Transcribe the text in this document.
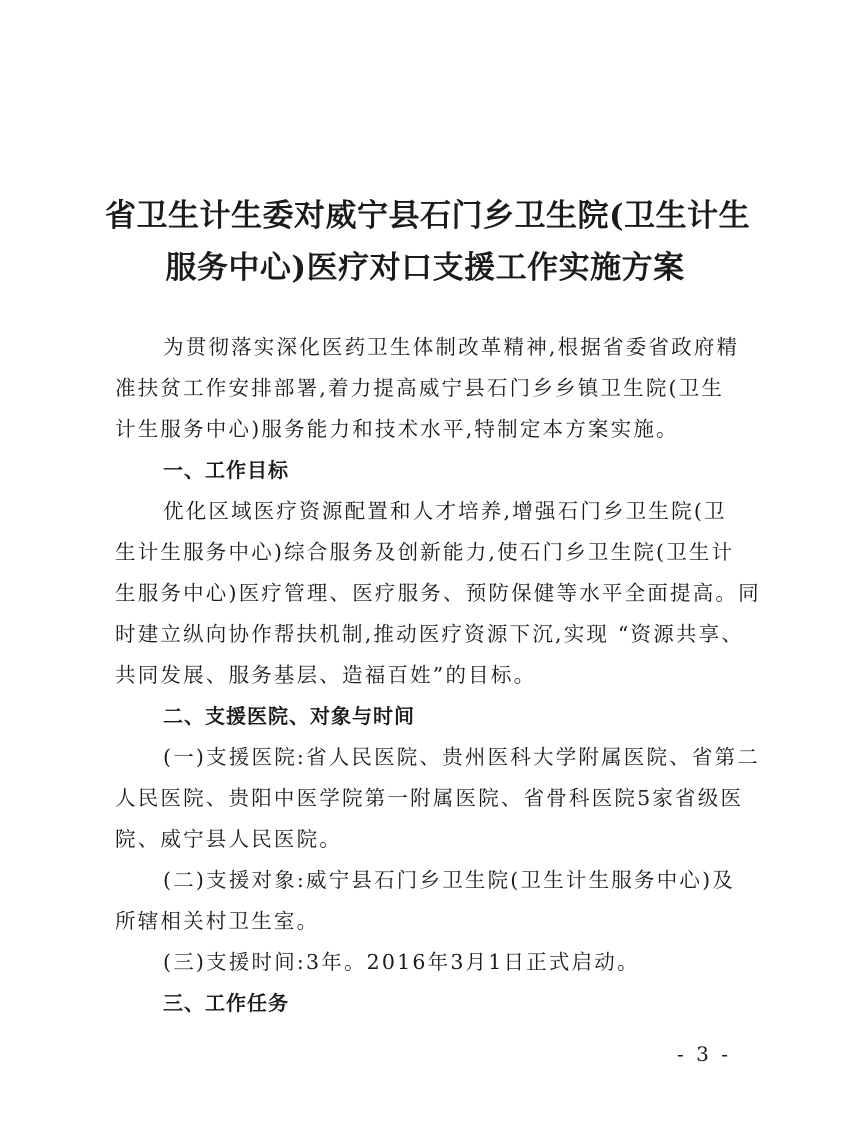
省卫生计生委对威宁县石门乡卫生院(卫生计生
服务中心)医疗对口支援工作实施方案
为贯彻落实深化医药卫生体制改革精神,根据省委省政府精
准扶贫工作安排部署,着力提高威宁县石门乡乡镇卫生院(卫生
计生服务中心)服务能力和技术水平,特制定本方案实施。
一、工作目标
优化区域医疗资源配置和人才培养,增强石门乡卫生院(卫
生计生服务中心)综合服务及创新能力,使石门乡卫生院(卫生计
生服务中心)医疗管理、医疗服务、预防保健等水平全面提高。同
时建立纵向协作帮扶机制,推动医疗资源下沉,实现 “资源共享、
共同发展、服务基层、造福百姓”的目标。
二、支援医院、对象与时间
(一)支援医院:省人民医院、贵州医科大学附属医院、省第二
人民医院、贵阳中医学院第一附属医院、省骨科医院5家省级医
院、威宁县人民医院。
(二)支援对象:威宁县石门乡卫生院(卫生计生服务中心)及
所辖相关村卫生室。
(三)支援时间:3年。2016年3月1日正式启动。
三、工作任务
- 3 -
